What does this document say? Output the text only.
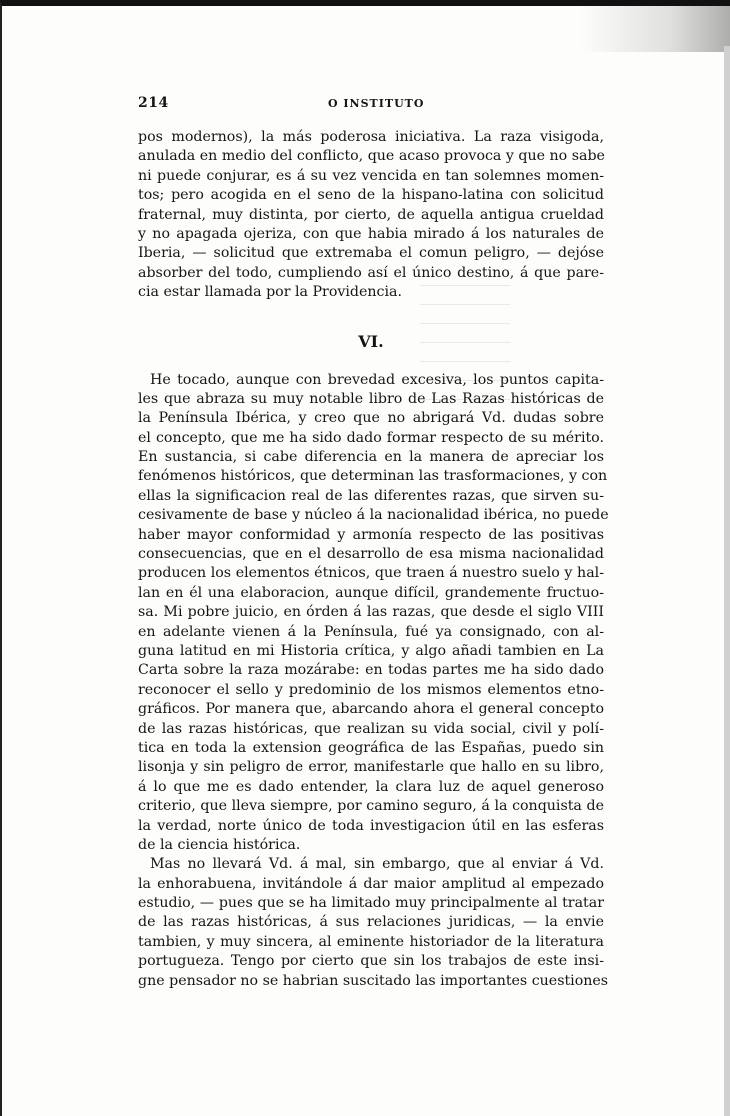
214	O INSTITUTO
pos modernos), la más poderosa iniciativa. La raza visigoda,
anulada en medio del conflicto, que acaso provoca y que no sabe
ni puede conjurar, es á su vez vencida en tan solemnes momen-
tos; pero acogida en el seno de la hispano-latina con solicitud
fraternal, muy distinta, por cierto, de aquella antigua crueldad
y no apagada ojeriza, con que habia mirado á los naturales de
Iberia, — solicitud que extremaba el comun peligro, — dejóse
absorber del todo, cumpliendo así el único destino, á que pare-
cia estar llamada por la Providencia.
VI.
He tocado, aunque con brevedad excesiva, los puntos capita-
les que abraza su muy notable libro de Las Razas históricas de
la Península Ibérica, y creo que no abrigará Vd. dudas sobre
el concepto, que me ha sido dado formar respecto de su mérito.
En sustancia, si cabe diferencia en la manera de apreciar los
fenómenos históricos, que determinan las trasformaciones, y con
ellas la significacion real de las diferentes razas, que sirven su-
cesivamente de base y núcleo á la nacionalidad ibérica, no puede
haber mayor conformidad y armonía respecto de las positivas
consecuencias, que en el desarrollo de esa misma nacionalidad
producen los elementos étnicos, que traen á nuestro suelo y hal-
lan en él una elaboracion, aunque difícil, grandemente fructuo-
sa. Mi pobre juicio, en órden á las razas, que desde el siglo VIII
en adelante vienen á la Península, fué ya consignado, con al-
guna latitud en mi Historia crítica, y algo añadi tambien en La
Carta sobre la raza mozárabe: en todas partes me ha sido dado
reconocer el sello y predominio de los mismos elementos etno-
gráficos. Por manera que, abarcando ahora el general concepto
de las razas históricas, que realizan su vida social, civil y polí-
tica en toda la extension geográfica de las Españas, puedo sin
lisonja y sin peligro de error, manifestarle que hallo en su libro,
á lo que me es dado entender, la clara luz de aquel generoso
criterio, que lleva siempre, por camino seguro, á la conquista de
la verdad, norte único de toda investigacion útil en las esferas
de la ciencia histórica.
Mas no llevará Vd. á mal, sin embargo, que al enviar á Vd.
la enhorabuena, invitándole á dar maior amplitud al empezado
estudio, — pues que se ha limitado muy principalmente al tratar
de las razas históricas, á sus relaciones juridicas, — la envie
tambien, y muy sincera, al eminente historiador de la literatura
portugueza. Tengo por cierto que sin los trabajos de este insi-
gne pensador no se habrian suscitado las importantes cuestiones
